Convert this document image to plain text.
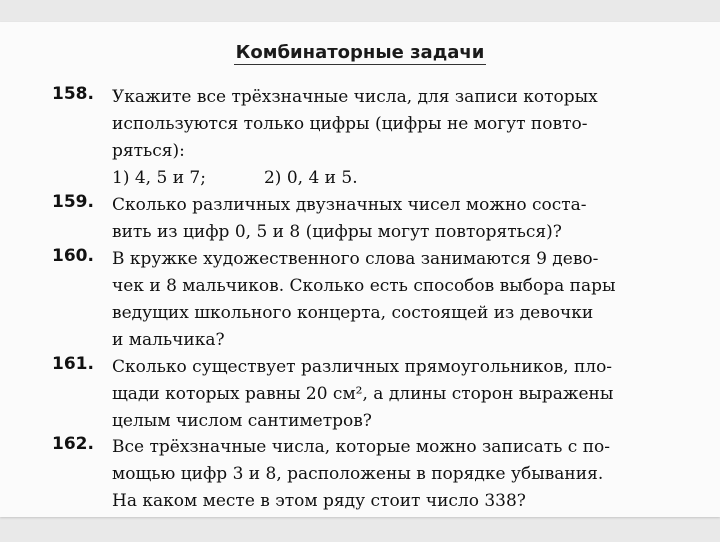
Комбинаторные задачи
158. Укажите все трёхзначные числа, для записи которых
используются только цифры (цифры не могут повто-
ряться):
1) 4, 5 и 7;	2) 0, 4 и 5.
159. Сколько различных двузначных чисел можно соста-
вить из цифр 0, 5 и 8 (цифры могут повторяться)?
160. В кружке художественного слова занимаются 9 дево-
чек и 8 мальчиков. Сколько есть способов выбора пары
ведущих школьного концерта, состоящей из девочки
и мальчика?
161. Сколько существует различных прямоугольников, пло-
щади которых равны 20 см², а длины сторон выражены
целым числом сантиметров?
162. Все трёхзначные числа, которые можно записать с по-
мощью цифр 3 и 8, расположены в порядке убывания.
На каком месте в этом ряду стоит число 338?
